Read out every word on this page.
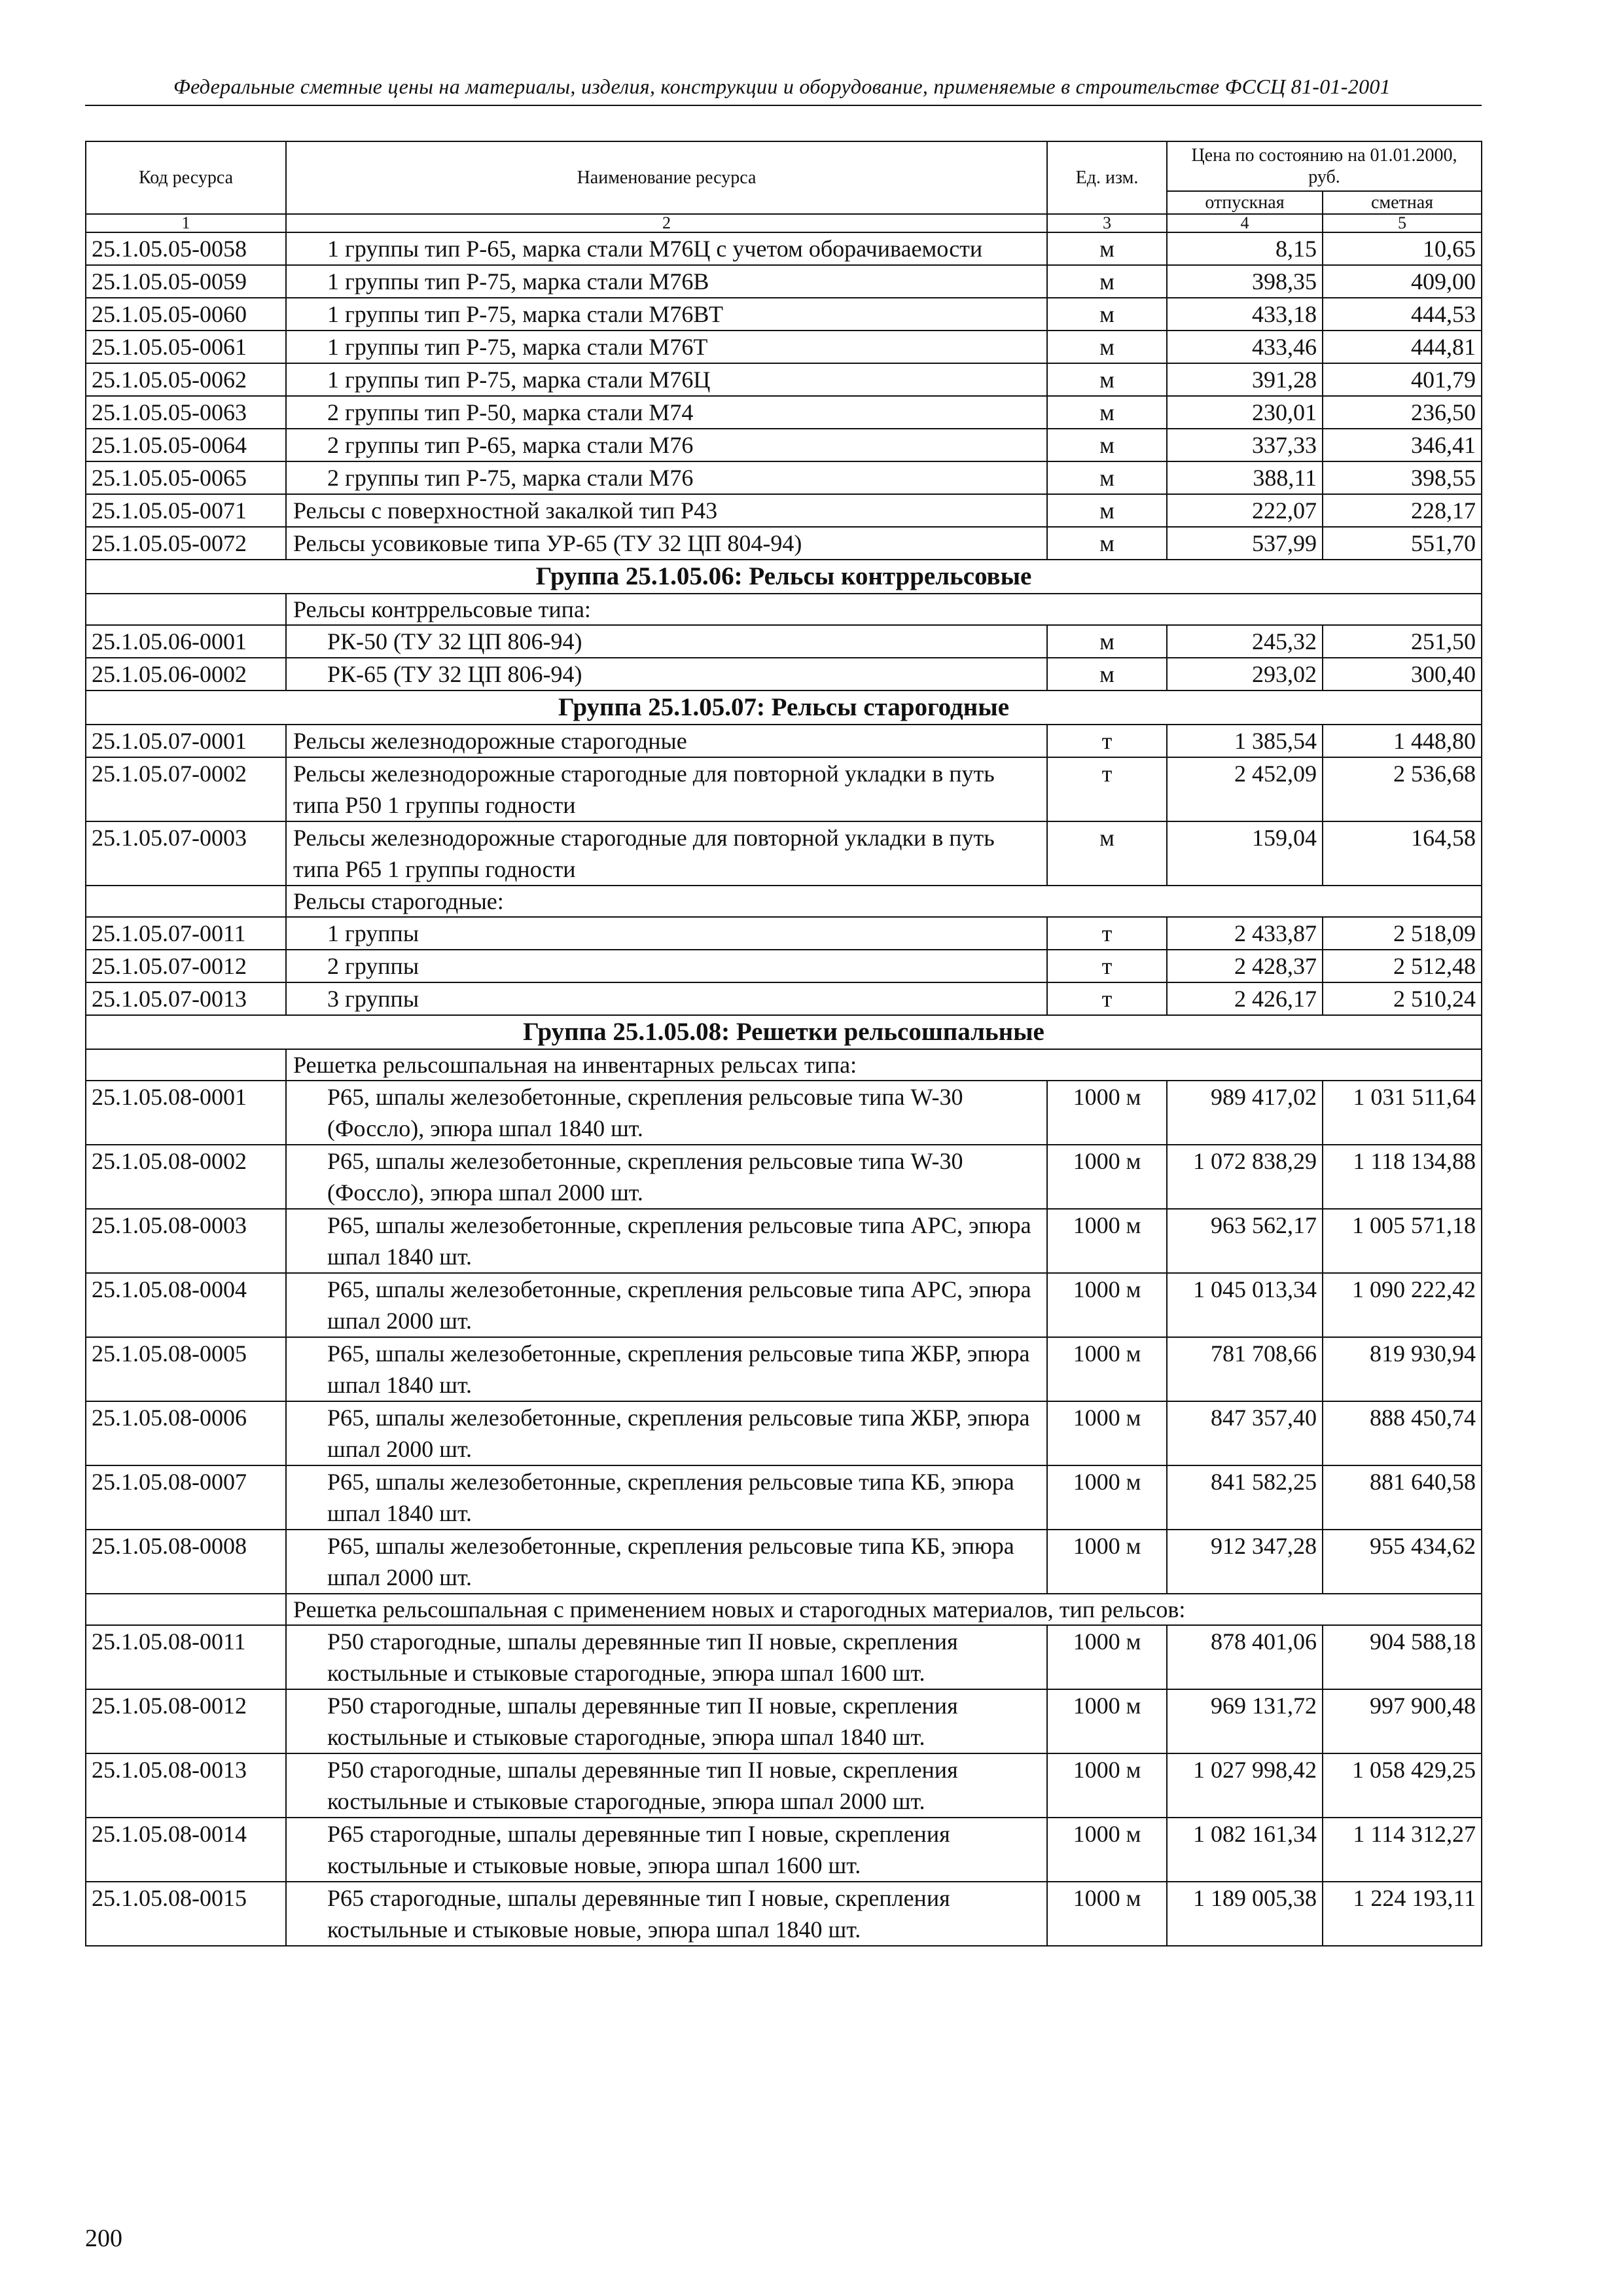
Федеральные сметные цены на материалы, изделия, конструкции и оборудование, применяемые в строительстве ФССЦ 81-01-2001
Код ресурса	Наименование ресурса	Ед. изм.	Цена по состоянию на 01.01.2000, руб.	
			отпускная	сметная
1	2	3	4	5
25.1.05.05-0058	1 группы тип Р-65, марка стали М76Ц с учетом оборачиваемости	м	8,15	10,65
25.1.05.05-0059	1 группы тип Р-75, марка стали М76В	м	398,35	409,00
25.1.05.05-0060	1 группы тип Р-75, марка стали М76ВТ	м	433,18	444,53
25.1.05.05-0061	1 группы тип Р-75, марка стали М76Т	м	433,46	444,81
25.1.05.05-0062	1 группы тип Р-75, марка стали М76Ц	м	391,28	401,79
25.1.05.05-0063	2 группы тип Р-50, марка стали М74	м	230,01	236,50
25.1.05.05-0064	2 группы тип Р-65, марка стали М76	м	337,33	346,41
25.1.05.05-0065	2 группы тип Р-75, марка стали М76	м	388,11	398,55
25.1.05.05-0071	Рельсы с поверхностной закалкой тип Р43	м	222,07	228,17
25.1.05.05-0072	Рельсы усовиковые типа УР-65 (ТУ 32 ЦП 804-94)	м	537,99	551,70
Группа 25.1.05.06: Рельсы контррельсовые				
	Рельсы контррельсовые типа:			
25.1.05.06-0001	РК-50 (ТУ 32 ЦП 806-94)	м	245,32	251,50
25.1.05.06-0002	РК-65 (ТУ 32 ЦП 806-94)	м	293,02	300,40
Группа 25.1.05.07: Рельсы старогодные				
25.1.05.07-0001	Рельсы железнодорожные старогодные	т	1 385,54	1 448,80
25.1.05.07-0002	Рельсы железнодорожные старогодные для повторной укладки в путь типа Р50 1 группы годности	т	2 452,09	2 536,68
25.1.05.07-0003	Рельсы железнодорожные старогодные для повторной укладки в путь типа Р65 1 группы годности	м	159,04	164,58
	Рельсы старогодные:			
25.1.05.07-0011	1 группы	т	2 433,87	2 518,09
25.1.05.07-0012	2 группы	т	2 428,37	2 512,48
25.1.05.07-0013	3 группы	т	2 426,17	2 510,24
Группа 25.1.05.08: Решетки рельсошпальные				
	Решетка рельсошпальная на инвентарных рельсах типа:			
25.1.05.08-0001	Р65, шпалы железобетонные, скрепления рельсовые типа W-30 (Фоссло), эпюра шпал 1840 шт.	1000 м	989 417,02	1 031 511,64
25.1.05.08-0002	Р65, шпалы железобетонные, скрепления рельсовые типа W-30 (Фоссло), эпюра шпал 2000 шт.	1000 м	1 072 838,29	1 118 134,88
25.1.05.08-0003	Р65, шпалы железобетонные, скрепления рельсовые типа АРС, эпюра шпал 1840 шт.	1000 м	963 562,17	1 005 571,18
25.1.05.08-0004	Р65, шпалы железобетонные, скрепления рельсовые типа АРС, эпюра шпал 2000 шт.	1000 м	1 045 013,34	1 090 222,42
25.1.05.08-0005	Р65, шпалы железобетонные, скрепления рельсовые типа ЖБР, эпюра шпал 1840 шт.	1000 м	781 708,66	819 930,94
25.1.05.08-0006	Р65, шпалы железобетонные, скрепления рельсовые типа ЖБР, эпюра шпал 2000 шт.	1000 м	847 357,40	888 450,74
25.1.05.08-0007	Р65, шпалы железобетонные, скрепления рельсовые типа КБ, эпюра шпал 1840 шт.	1000 м	841 582,25	881 640,58
25.1.05.08-0008	Р65, шпалы железобетонные, скрепления рельсовые типа КБ, эпюра шпал 2000 шт.	1000 м	912 347,28	955 434,62
	Решетка рельсошпальная с применением новых и старогодных материалов, тип рельсов:			
25.1.05.08-0011	Р50 старогодные, шпалы деревянные тип II новые, скрепления костыльные и стыковые старогодные, эпюра шпал 1600 шт.	1000 м	878 401,06	904 588,18
25.1.05.08-0012	Р50 старогодные, шпалы деревянные тип II новые, скрепления костыльные и стыковые старогодные, эпюра шпал 1840 шт.	1000 м	969 131,72	997 900,48
25.1.05.08-0013	Р50 старогодные, шпалы деревянные тип II новые, скрепления костыльные и стыковые старогодные, эпюра шпал 2000 шт.	1000 м	1 027 998,42	1 058 429,25
25.1.05.08-0014	Р65 старогодные, шпалы деревянные тип I новые, скрепления костыльные и стыковые новые, эпюра шпал 1600 шт.	1000 м	1 082 161,34	1 114 312,27
25.1.05.08-0015	Р65 старогодные, шпалы деревянные тип I новые, скрепления костыльные и стыковые новые, эпюра шпал 1840 шт.	1000 м	1 189 005,38	1 224 193,11
200
